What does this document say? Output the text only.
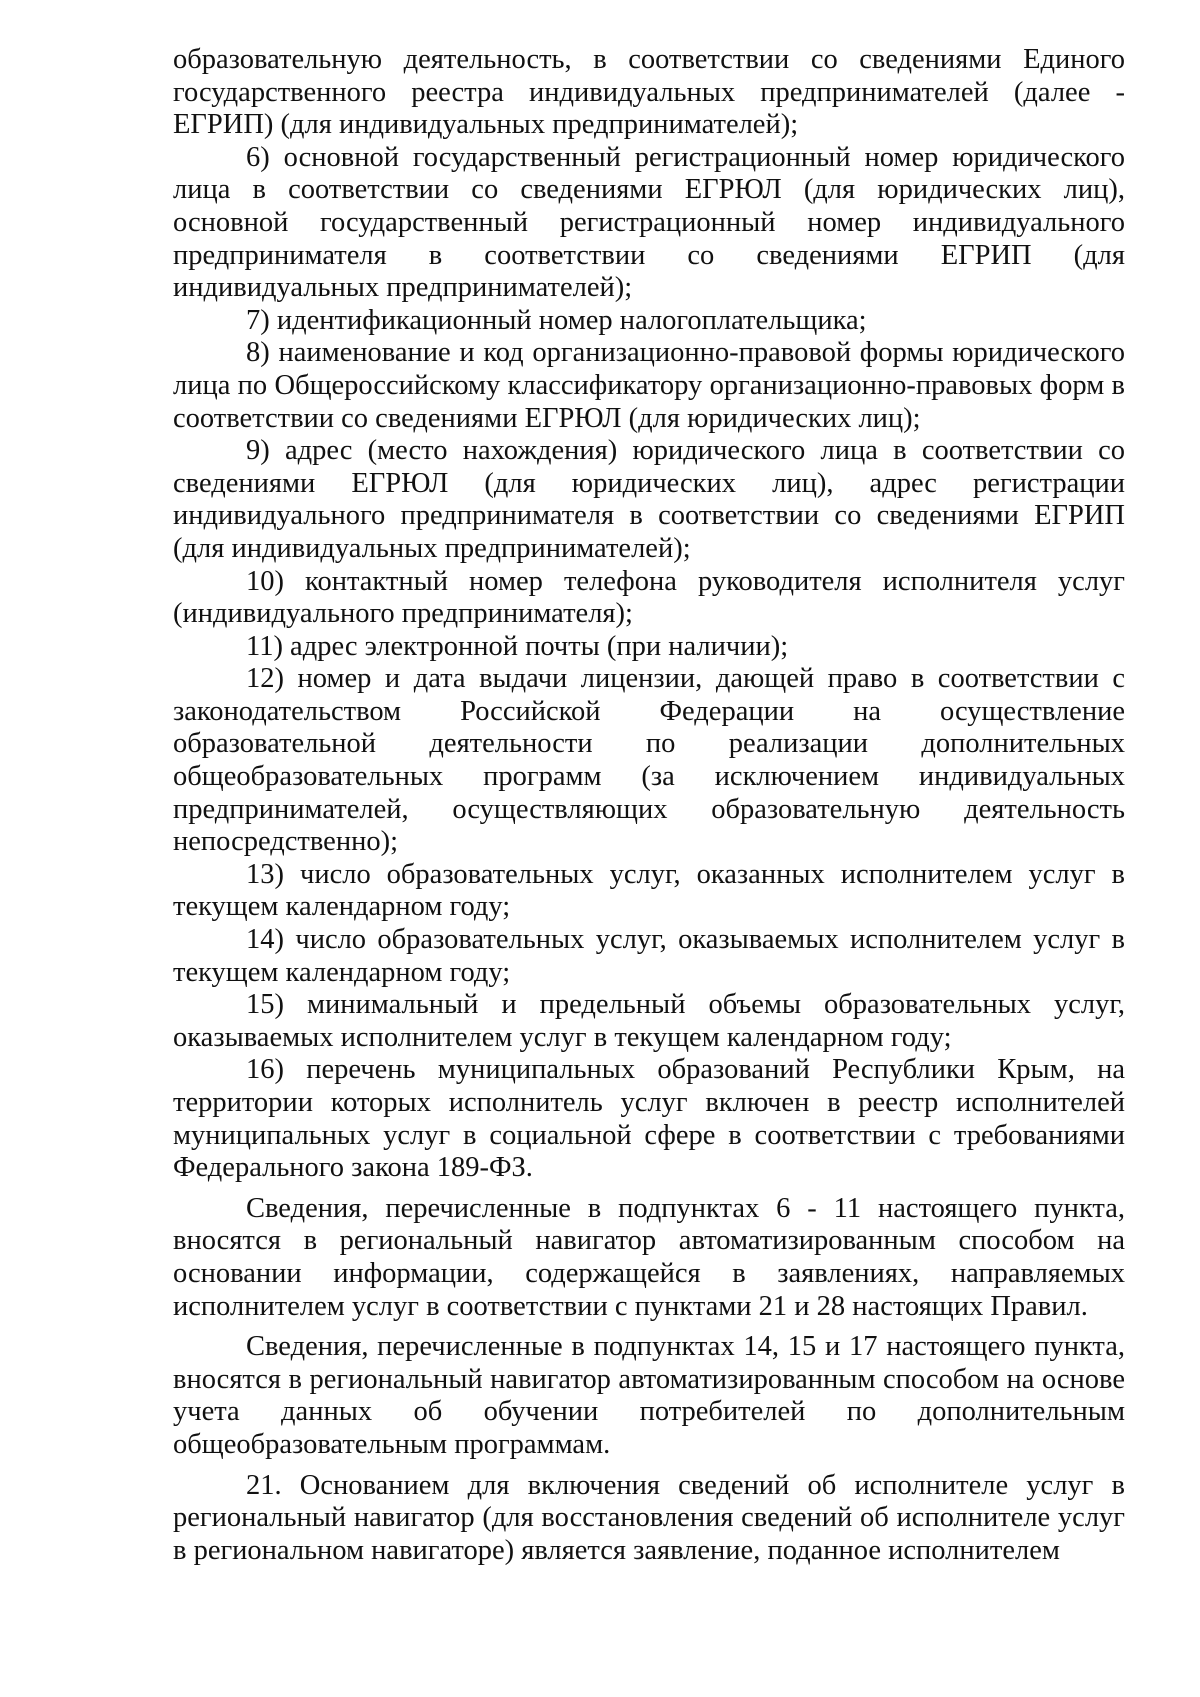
образовательную деятельность, в соответствии со сведениями Единого государственного реестра индивидуальных предпринимателей (далее - ЕГРИП) (для индивидуальных предпринимателей);

6) основной государственный регистрационный номер юридического лица в соответствии со сведениями ЕГРЮЛ (для юридических лиц), основной государственный регистрационный номер индивидуального предпринимателя в соответствии со сведениями ЕГРИП (для индивидуальных предпринимателей);

7) идентификационный номер налогоплательщика;

8) наименование и код организационно-правовой формы юридического лица по Общероссийскому классификатору организационно-правовых форм в соответствии со сведениями ЕГРЮЛ (для юридических лиц);

9) адрес (место нахождения) юридического лица в соответствии со сведениями ЕГРЮЛ (для юридических лиц), адрес регистрации индивидуального предпринимателя в соответствии со сведениями ЕГРИП (для индивидуальных предпринимателей);

10) контактный номер телефона руководителя исполнителя услуг (индивидуального предпринимателя);

11) адрес электронной почты (при наличии);

12) номер и дата выдачи лицензии, дающей право в соответствии с законодательством Российской Федерации на осуществление образовательной деятельности по реализации дополнительных общеобразовательных программ (за исключением индивидуальных предпринимателей, осуществляющих образовательную деятельность непосредственно);

13) число образовательных услуг, оказанных исполнителем услуг в текущем календарном году;

14) число образовательных услуг, оказываемых исполнителем услуг в текущем календарном году;

15) минимальный и предельный объемы образовательных услуг, оказываемых исполнителем услуг в текущем календарном году;

16) перечень муниципальных образований Республики Крым, на территории которых исполнитель услуг включен в реестр исполнителей муниципальных услуг в социальной сфере в соответствии с требованиями Федерального закона 189-ФЗ.

Сведения, перечисленные в подпунктах 6 - 11 настоящего пункта, вносятся в региональный навигатор автоматизированным способом на основании информации, содержащейся в заявлениях, направляемых исполнителем услуг в соответствии с пунктами 21 и 28 настоящих Правил.

Сведения, перечисленные в подпунктах 14, 15 и 17 настоящего пункта, вносятся в региональный навигатор автоматизированным способом на основе учета данных об обучении потребителей по дополнительным общеобразовательным программам.

21. Основанием для включения сведений об исполнителе услуг в региональный навигатор (для восстановления сведений об исполнителе услуг в региональном навигаторе) является заявление, поданное исполнителем
